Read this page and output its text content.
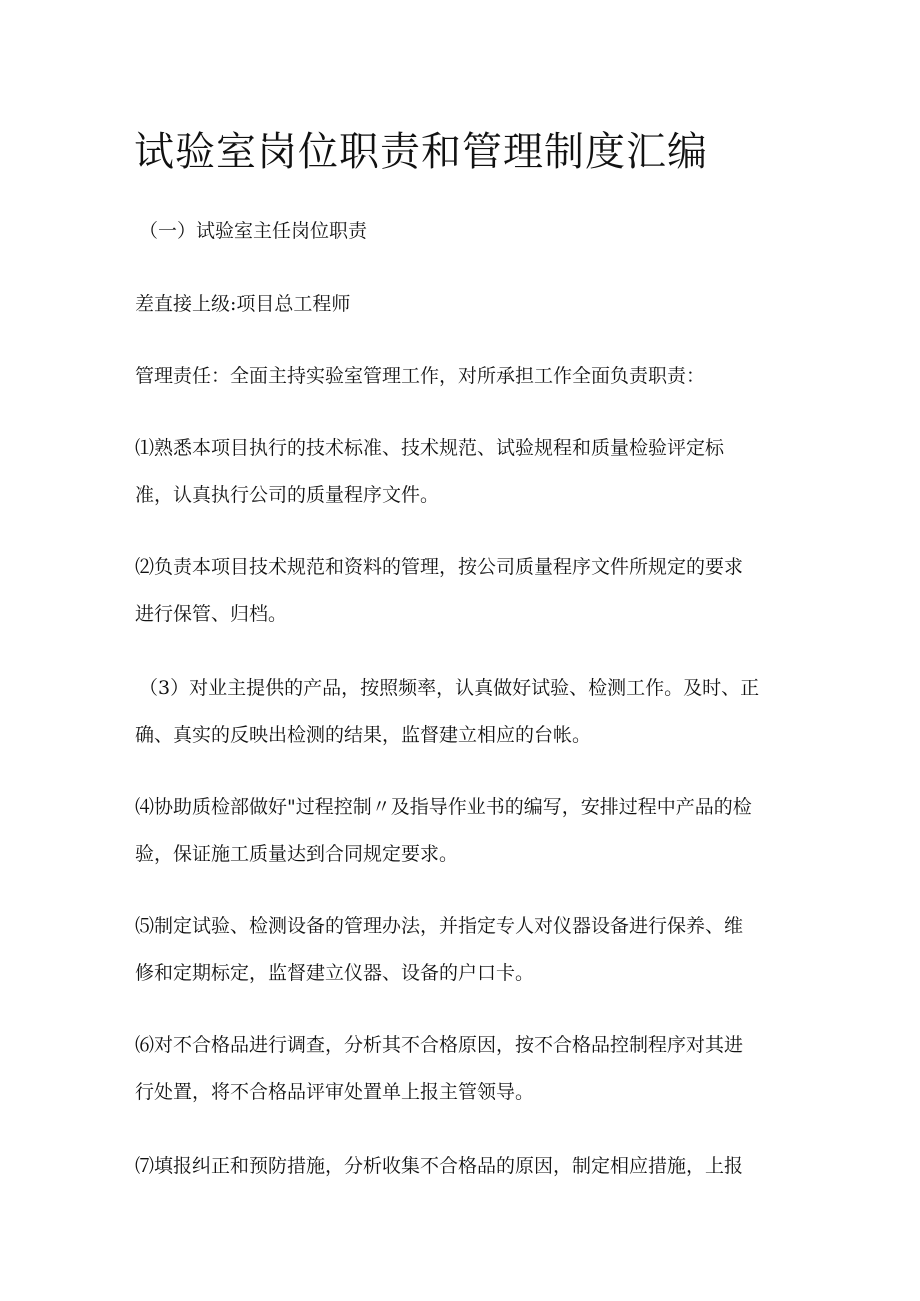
试验室岗位职责和管理制度汇编

（一）试验室主任岗位职责

差直接上级:项目总工程师

管理责任：全面主持实验室管理工作，对所承担工作全面负责职责：

⑴熟悉本项目执行的技术标准、技术规范、试验规程和质量检验评定标

准，认真执行公司的质量程序文件。

⑵负责本项目技术规范和资料的管理，按公司质量程序文件所规定的要求

进行保管、归档。

（3）对业主提供的产品，按照频率，认真做好试验、检测工作。及时、正

确、真实的反映出检测的结果，监督建立相应的台帐。

⑷协助质检部做好"过程控制〃及指导作业书的编写，安排过程中产品的检

验，保证施工质量达到合同规定要求。

⑸制定试验、检测设备的管理办法，并指定专人对仪器设备进行保养、维

修和定期标定，监督建立仪器、设备的户口卡。

⑹对不合格品进行调查，分析其不合格原因，按不合格品控制程序对其进

行处置，将不合格品评审处置单上报主管领导。

⑺填报纠正和预防措施，分析收集不合格品的原因，制定相应措施，上报
